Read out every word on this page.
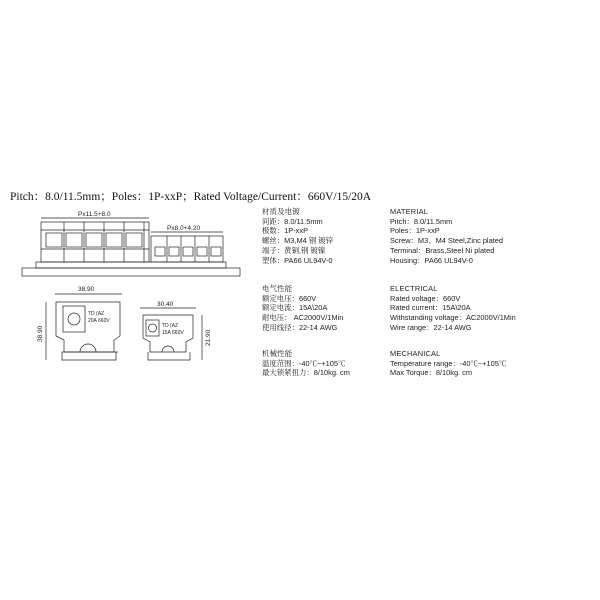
Pitch：8.0/11.5mm；Poles：1P-xxP；Rated Voltage/Current：660V/15/20A
Px11.5+8.0
Px8.0+4.20
38.90
30.40
38.90	21.90
TD (AZ
20A 660V
TD (AZ
15A 660V
材质及电镀
间距：8.0/11.5mm
极数：1P-xxP
螺丝：M3,M4 钢 镀锌
端子：黄铜,钢 镀镍
塑体：PA66 UL94V-0
电气性能
额定电压：660V
额定电流：15A\20A
耐电压： AC2000V/1Min
使用线径：22-14 AWG
机械性能
温度范围：-40℃~+105℃
最大锁紧扭力：8/10kg. cm
MATERIAL
Pitch：8.0/11.5mm
Poles：1P-xxP
Screw：M3、M4 Steel,Zinc plated
Terminal：Brass,Steel Ni plated
Housing：PA66 UL94V-0
ELECTRICAL
Rated voltage：660V
Rated current：15A\20A
Withstanding voltage：AC2000V/1Min
Wire range：22-14 AWG
MECHANICAL
Temperature range：-40℃~+105℃
Max Torque：8/10kg. cm
